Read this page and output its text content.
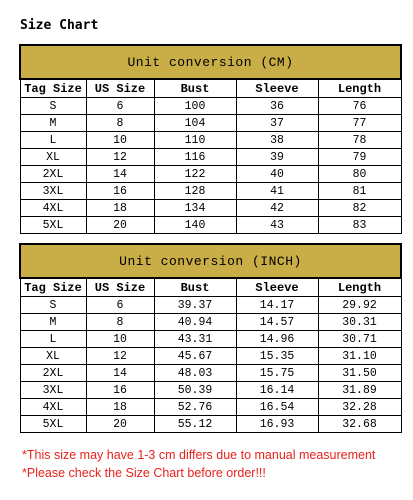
Size Chart
Unit conversion (CM)				
Tag Size	US Size	Bust	Sleeve	Length
S	6	100	36	76
M	8	104	37	77
L	10	110	38	78
XL	12	116	39	79
2XL	14	122	40	80
3XL	16	128	41	81
4XL	18	134	42	82
5XL	20	140	43	83
Unit conversion (INCH)				
Tag Size	US Size	Bust	Sleeve	Length
S	6	39.37	14.17	29.92
M	8	40.94	14.57	30.31
L	10	43.31	14.96	30.71
XL	12	45.67	15.35	31.10
2XL	14	48.03	15.75	31.50
3XL	16	50.39	16.14	31.89
4XL	18	52.76	16.54	32.28
5XL	20	55.12	16.93	32.68
*This size may have 1-3 cm differs due to manual measurement
*Please check the Size Chart before order!!!
